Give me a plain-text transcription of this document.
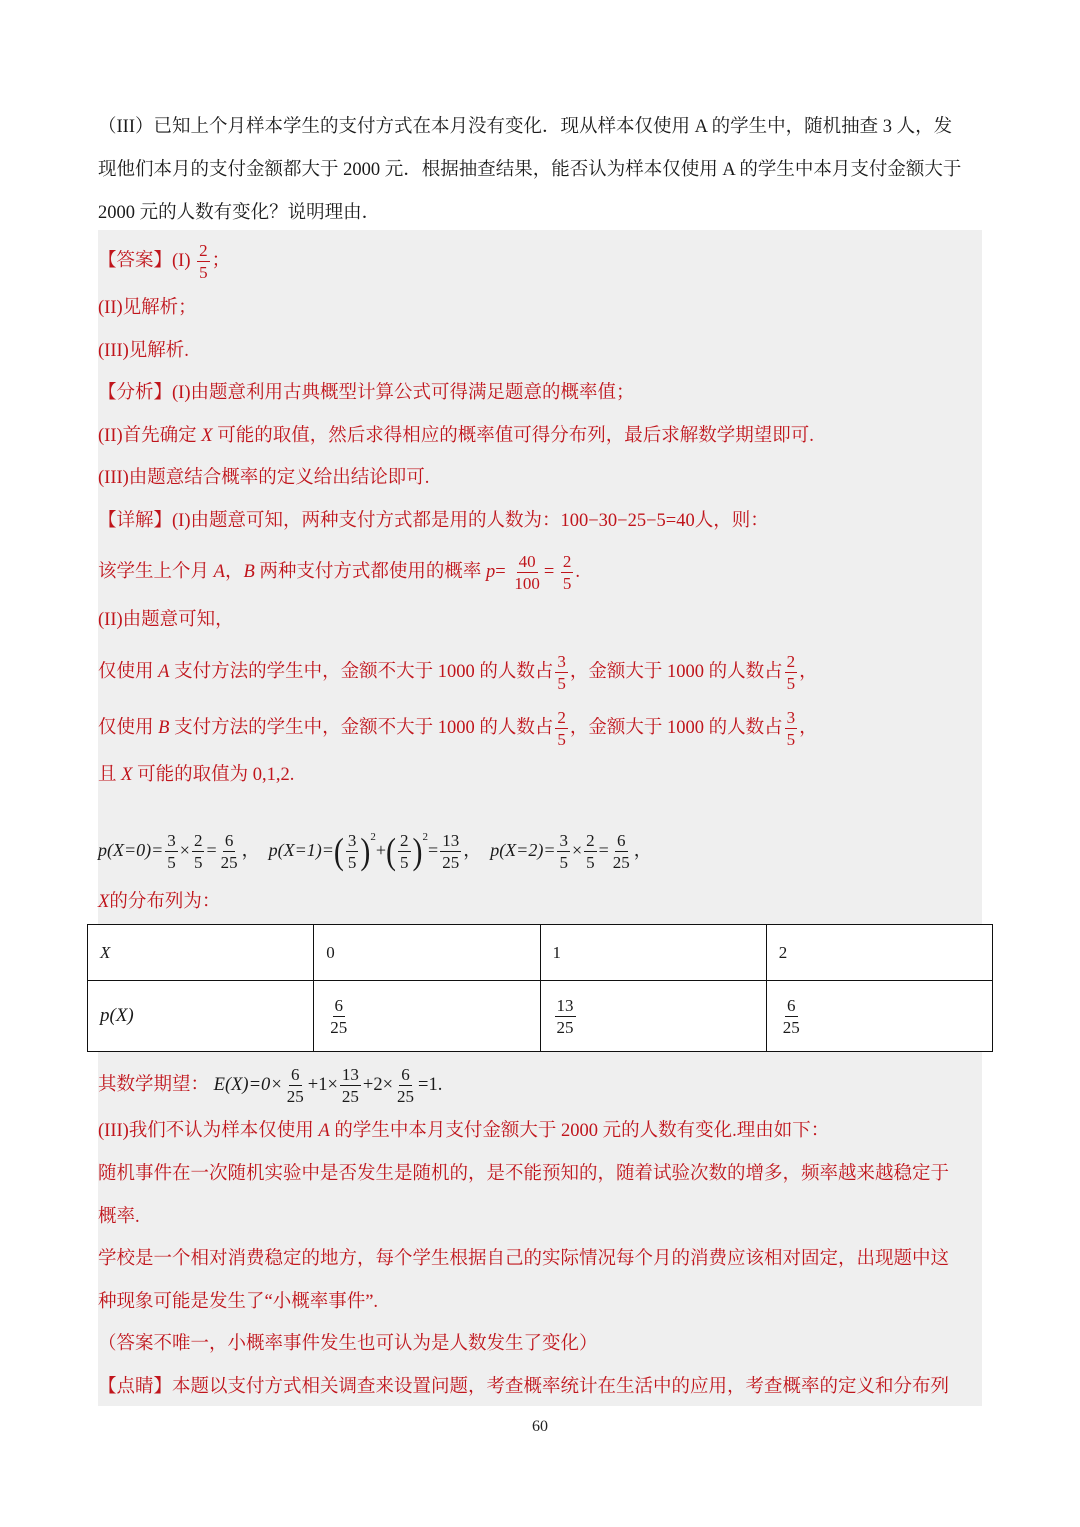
（III）已知上个月样本学生的支付方式在本月没有变化．现从样本仅使用 A 的学生中，随机抽查 3 人，发
现他们本月的支付金额都大于 2000 元．根据抽查结果，能否认为样本仅使用 A 的学生中本月支付金额大于
2000 元的人数有变化？说明理由．
【答案】$(I) \frac{2}{5}$ ；
(II)见解析；
(III)见解析.
【分析】(I)由题意利用古典概型计算公式可得满足题意的概率值；
(II)首先确定 X 可能的取值，然后求得相应的概率值可得分布列，最后求解数学期望即可.
(III)由题意结合概率的定义给出结论即可.
【详解】(I)由题意可知，两种支付方式都是用的人数为：100−30−25−5=40人，则：
该学生上个月 A，B 两种支付方式都使用的概率 $p= \frac{40}{100} = \frac{2}{5}$ .
(II)由题意可知，
仅使用 A 支付方法的学生中，金额不大于 1000 的人数占 $\frac{3}{5}$ ，金额大于 1000 的人数占 $\frac{2}{5}$ ，
仅使用 B 支付方法的学生中，金额不大于 1000 的人数占 $\frac{2}{5}$ ，金额大于 1000 的人数占 $\frac{3}{5}$ ，
且 X 可能的取值为 0,1,2.
$p(X=0)= \frac{3}{5} \times \frac{2}{5} = \frac{6}{25}$ ， $p(X=1)=( \frac{3}{5} )^2+( \frac{2}{5} )^2= \frac{13}{25}$ ， $p(X=2)= \frac{3}{5} \times \frac{2}{5} = \frac{6}{25}$ ，
X的分布列为：
其数学期望： $E(X)=0\times \frac{6}{25} +1\times \frac{13}{25} +2\times \frac{6}{25} =1$.
(III)我们不认为样本仅使用 A 的学生中本月支付金额大于 2000 元的人数有变化.理由如下：
随机事件在一次随机实验中是否发生是随机的，是不能预知的，随着试验次数的增多，频率越来越稳定于
概率.
学校是一个相对消费稳定的地方，每个学生根据自己的实际情况每个月的消费应该相对固定，出现题中这
种现象可能是发生了“小概率事件”.
（答案不唯一，小概率事件发生也可认为是人数发生了变化）
【点睛】本题以支付方式相关调查来设置问题，考查概率统计在生活中的应用，考查概率的定义和分布列
X	0	1	2
p(X)	$\frac{6}{25}$	$\frac{13}{25}$	$\frac{6}{25}$
60
